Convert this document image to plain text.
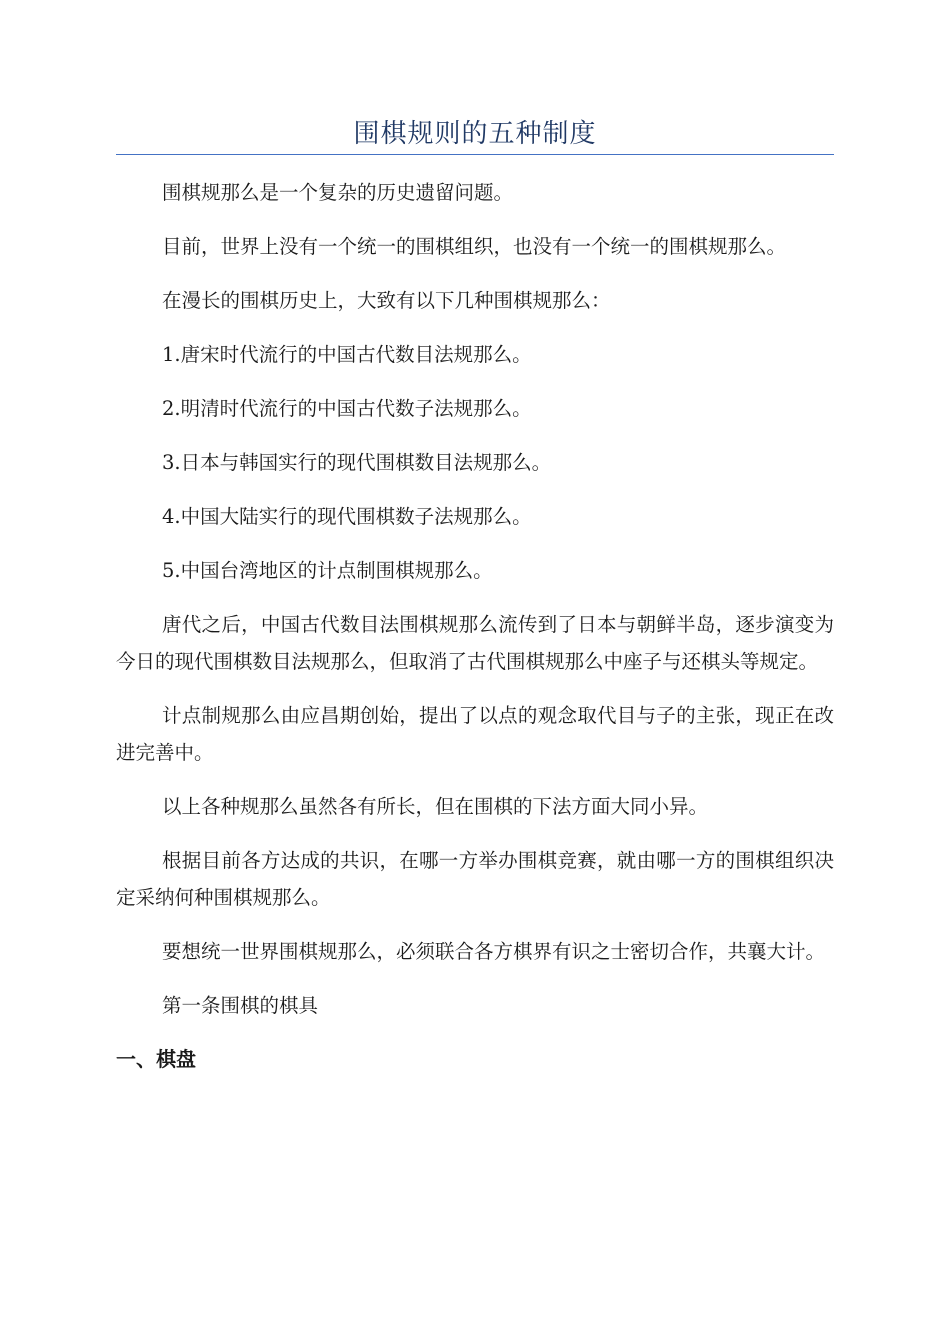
围棋规则的五种制度

围棋规那么是一个复杂的历史遗留问题。

目前，世界上没有一个统一的围棋组织，也没有一个统一的围棋规那么。

在漫长的围棋历史上，大致有以下几种围棋规那么：

1.唐宋时代流行的中国古代数目法规那么。

2.明清时代流行的中国古代数子法规那么。

3.日本与韩国实行的现代围棋数目法规那么。

4.中国大陆实行的现代围棋数子法规那么。

5.中国台湾地区的计点制围棋规那么。

唐代之后，中国古代数目法围棋规那么流传到了日本与朝鲜半岛，逐步演变为今日的现代围棋数目法规那么，但取消了古代围棋规那么中座子与还棋头等规定。

计点制规那么由应昌期创始，提出了以点的观念取代目与子的主张，现正在改进完善中。

以上各种规那么虽然各有所长，但在围棋的下法方面大同小异。

根据目前各方达成的共识，在哪一方举办围棋竞赛，就由哪一方的围棋组织决定采纳何种围棋规那么。

要想统一世界围棋规那么，必须联合各方棋界有识之士密切合作，共襄大计。

第一条围棋的棋具

一、棋盘
